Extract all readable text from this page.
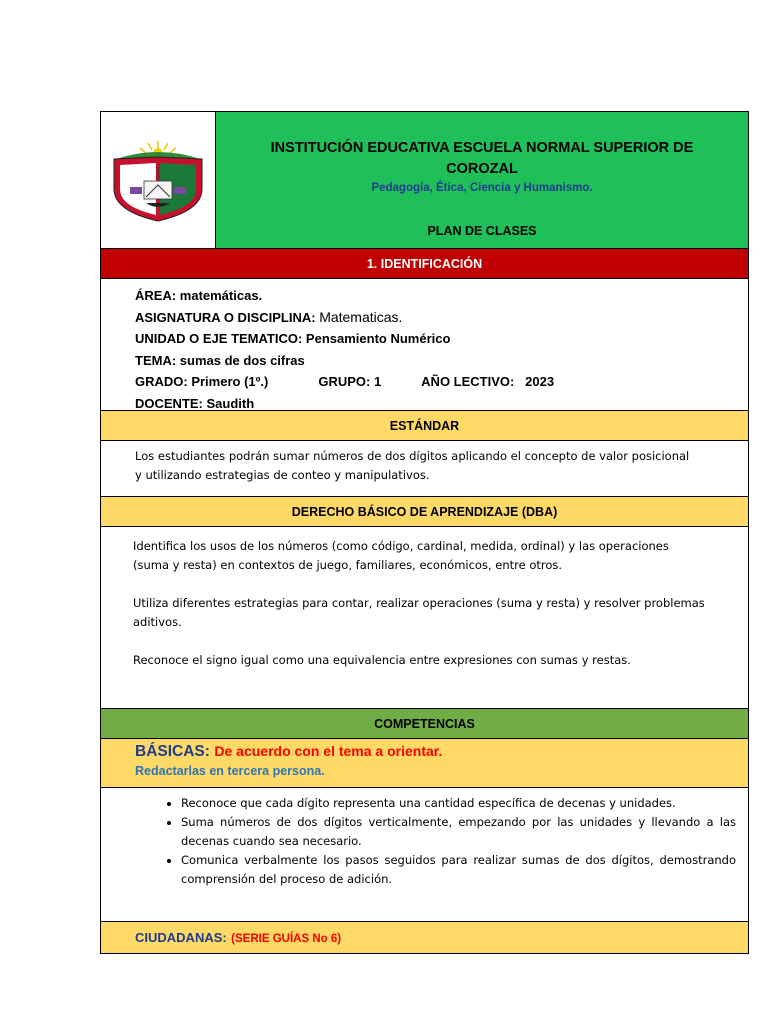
INSTITUCIÓN EDUCATIVA ESCUELA NORMAL SUPERIOR DE COROZAL
Pedagogía, Ética, Ciencia y Humanismo.
PLAN DE CLASES
1. IDENTIFICACIÓN
ÁREA: matemáticas.
ASIGNATURA O DISCIPLINA: Matematicas.
UNIDAD O EJE TEMATICO: Pensamiento Numérico
TEMA: sumas de dos cifras
GRADO: Primero (1º.)	GRUPO: 1	AÑO LECTIVO:   2023
DOCENTE: Saudith
ESTÁNDAR
Los estudiantes podrán sumar números de dos dígitos aplicando el concepto de valor posicional y utilizando estrategias de conteo y manipulativos.
DERECHO BÁSICO DE APRENDIZAJE (DBA)

Identifica los usos de los números (como código, cardinal, medida, ordinal) y las operaciones

(suma y resta) en contextos de juego, familiares, económicos, entre otros.

Utiliza diferentes estrategias para contar, realizar operaciones (suma y resta) y resolver problemas aditivos.

Reconoce el signo igual como una equivalencia entre expresiones con sumas y restas.

COMPETENCIAS
BÁSICAS: De acuerdo con el tema a orientar.
Redactarlas en tercera persona.
• Reconoce que cada dígito representa una cantidad específica de decenas y unidades.
• Suma números de dos dígitos verticalmente, empezando por las unidades y llevando a las decenas cuando sea necesario.
• Comunica verbalmente los pasos seguidos para realizar sumas de dos dígitos, demostrando comprensión del proceso de adición.
CIUDADANAS: (SERIE GUÍAS No 6)
